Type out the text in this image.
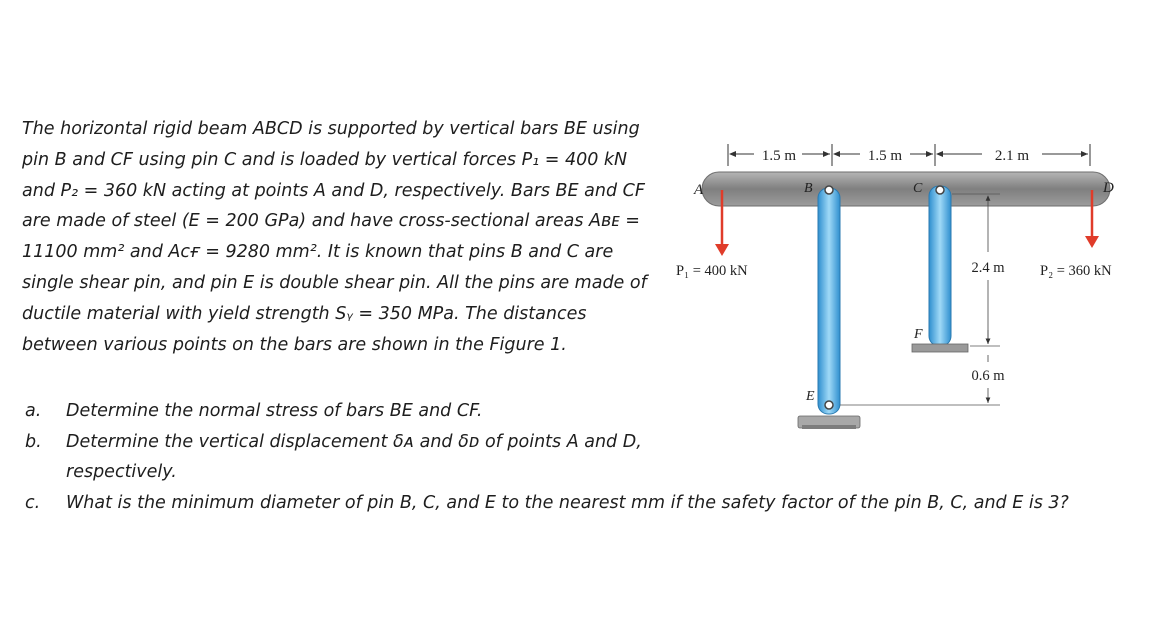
The horizontal rigid beam ABCD is supported by vertical bars BE using pin B and CF using pin C and is loaded by vertical forces P₁ = 400 kN and P₂ = 360 kN acting at points A and D, respectively. Bars BE and CF are made of steel (E = 200 GPa) and have cross-sectional areas Aʙᴇ = 11100 mm² and Aᴄғ = 9280 mm². It is known that pins B and C are single shear pin, and pin E is double shear pin. All the pins are made of ductile material with yield strength Sᵧ = 350 MPa. The distances between various points on the bars are shown in the Figure 1.

a. Determine the normal stress of bars BE and CF.
b. Determine the vertical displacement δᴀ and δᴅ of points A and D, respectively.
c. What is the minimum diameter of pin B, C, and E to the nearest mm if the safety factor of the pin B, C, and E is 3?
1.5 m	1.5 m	2.1 m
2.4 m
0.6 m
P₁ = 400 kN	P₂ = 360 kN
A	B	C	D
F
E
